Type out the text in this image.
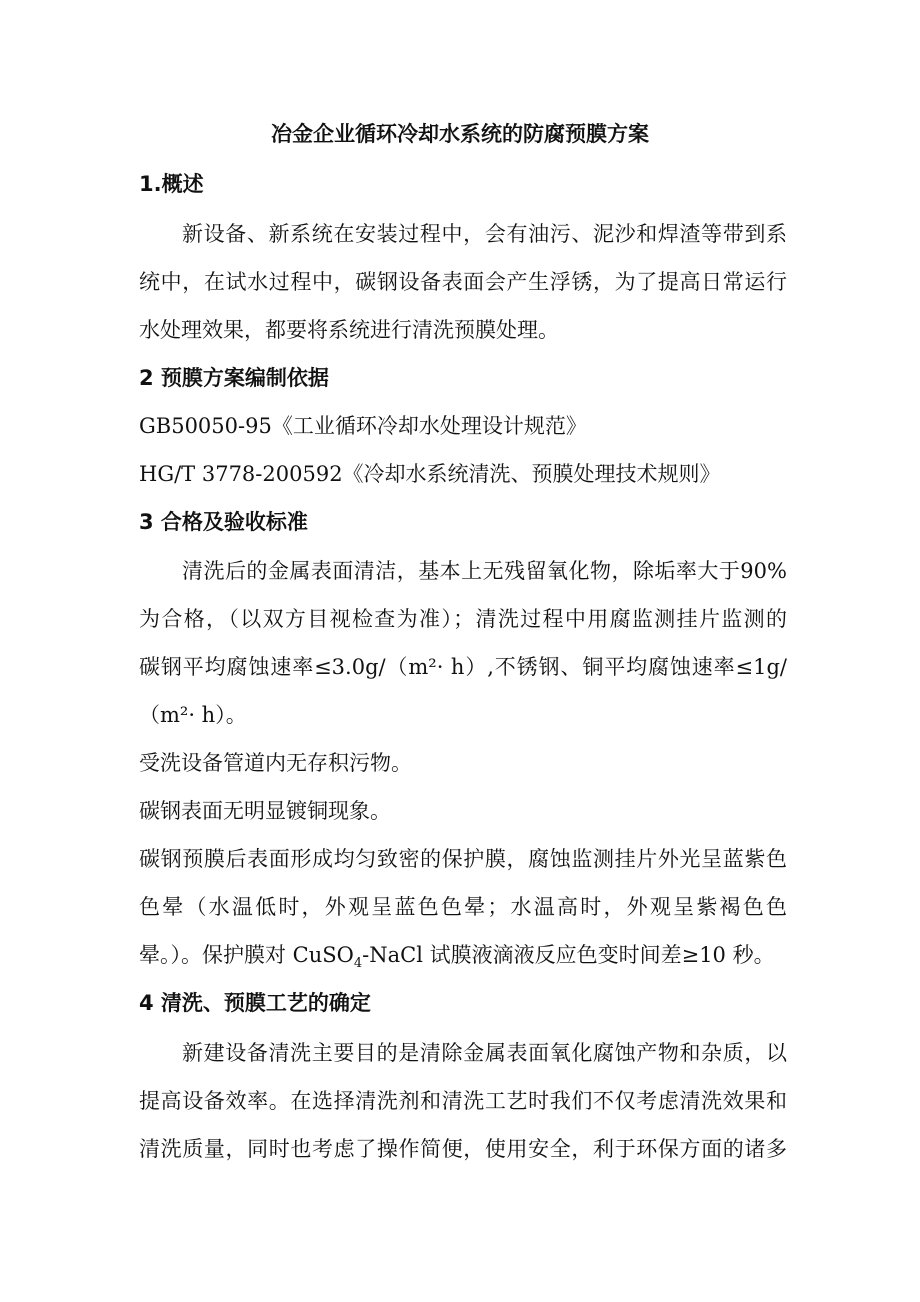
冶金企业循环冷却水系统的防腐预膜方案
1.概述
新设备、新系统在安装过程中，会有油污、泥沙和焊渣等带到系
统中，在试水过程中，碳钢设备表面会产生浮锈，为了提高日常运行
水处理效果，都要将系统进行清洗预膜处理。
2 预膜方案编制依据
GB50050-95《工业循环冷却水处理设计规范》
HG/T 3778-200592《冷却水系统清洗、预膜处理技术规则》
3 合格及验收标准
清洗后的金属表面清洁，基本上无残留氧化物，除垢率大于90%
为合格，（以双方目视检查为准）；清洗过程中用腐监测挂片监测的
碳钢平均腐蚀速率≤3.0g/（m²· h）,不锈钢、铜平均腐蚀速率≤1g/
（m²· h）。
受洗设备管道内无存积污物。
碳钢表面无明显镀铜现象。
碳钢预膜后表面形成均匀致密的保护膜，腐蚀监测挂片外光呈蓝紫色
色晕（水温低时，外观呈蓝色色晕；水温高时，外观呈紫褐色色
晕。）。保护膜对 CuSO$_4$-NaCl 试膜液滴液反应色变时间差≥10 秒。
4 清洗、预膜工艺的确定
新建设备清洗主要目的是清除金属表面氧化腐蚀产物和杂质，以
提高设备效率。在选择清洗剂和清洗工艺时我们不仅考虑清洗效果和
清洗质量，同时也考虑了操作简便，使用安全，利于环保方面的诸多
